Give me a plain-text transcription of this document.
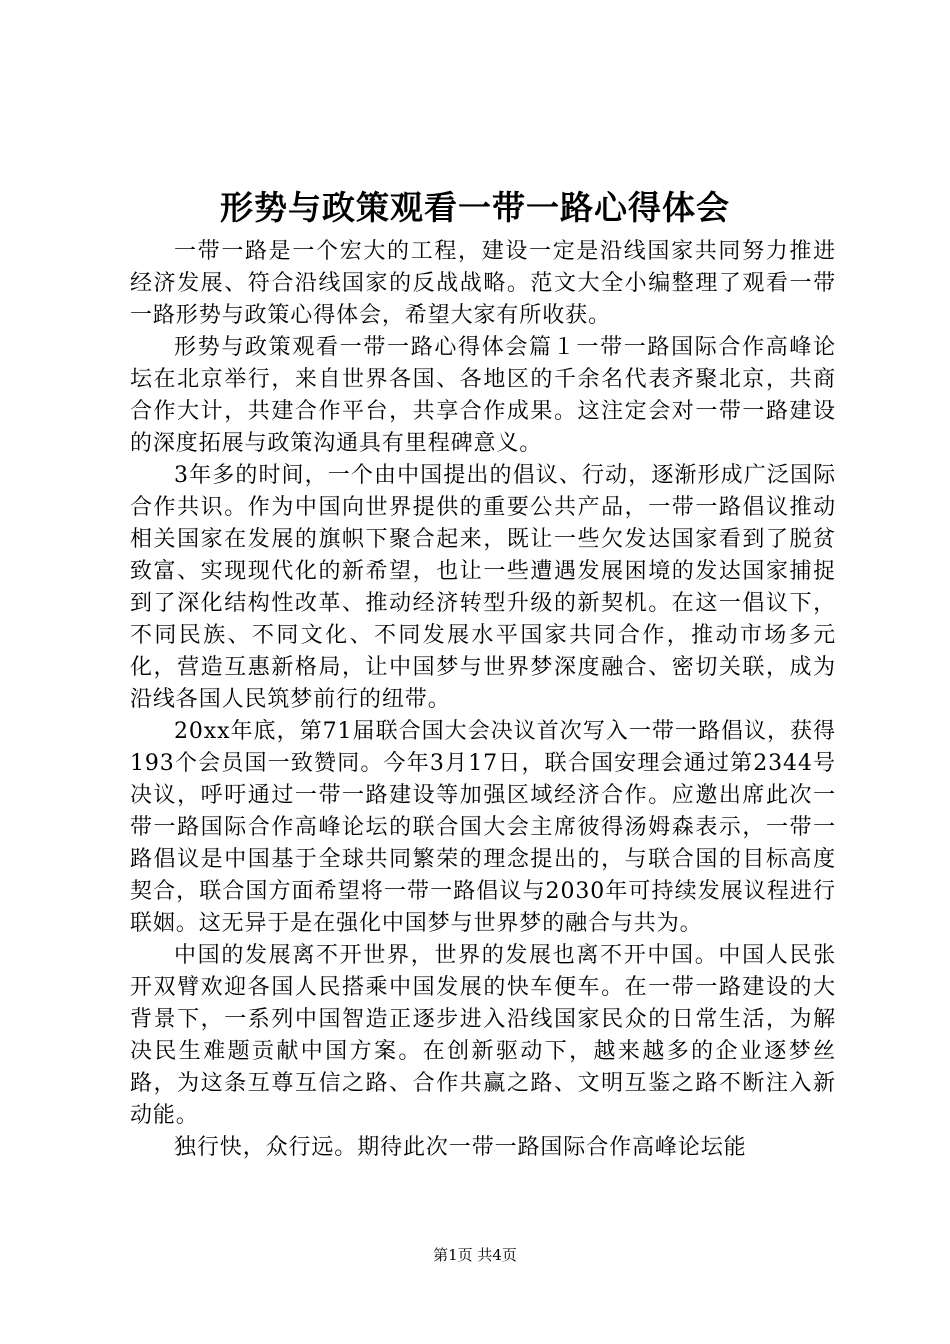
形势与政策观看一带一路心得体会

一带一路是一个宏大的工程，建设一定是沿线国家共同努力推进经济发展、符合沿线国家的反战战略。范文大全小编整理了观看一带一路形势与政策心得体会，希望大家有所收获。

形势与政策观看一带一路心得体会篇１一带一路国际合作高峰论坛在北京举行，来自世界各国、各地区的千余名代表齐聚北京，共商合作大计，共建合作平台，共享合作成果。这注定会对一带一路建设的深度拓展与政策沟通具有里程碑意义。

3年多的时间，一个由中国提出的倡议、行动，逐渐形成广泛国际合作共识。作为中国向世界提供的重要公共产品，一带一路倡议推动相关国家在发展的旗帜下聚合起来，既让一些欠发达国家看到了脱贫致富、实现现代化的新希望，也让一些遭遇发展困境的发达国家捕捉到了深化结构性改革、推动经济转型升级的新契机。在这一倡议下，不同民族、不同文化、不同发展水平国家共同合作，推动市场多元化，营造互惠新格局，让中国梦与世界梦深度融合、密切关联，成为沿线各国人民筑梦前行的纽带。

20xx年底，第71届联合国大会决议首次写入一带一路倡议，获得193个会员国一致赞同。今年3月17日，联合国安理会通过第2344号决议，呼吁通过一带一路建设等加强区域经济合作。应邀出席此次一带一路国际合作高峰论坛的联合国大会主席彼得汤姆森表示，一带一路倡议是中国基于全球共同繁荣的理念提出的，与联合国的目标高度契合，联合国方面希望将一带一路倡议与2030年可持续发展议程进行联姻。这无异于是在强化中国梦与世界梦的融合与共为。

中国的发展离不开世界，世界的发展也离不开中国。中国人民张开双臂欢迎各国人民搭乘中国发展的快车便车。在一带一路建设的大背景下，一系列中国智造正逐步进入沿线国家民众的日常生活，为解决民生难题贡献中国方案。在创新驱动下，越来越多的企业逐梦丝路，为这条互尊互信之路、合作共赢之路、文明互鉴之路不断注入新动能。

独行快，众行远。期待此次一带一路国际合作高峰论坛能

第1页 共4页
